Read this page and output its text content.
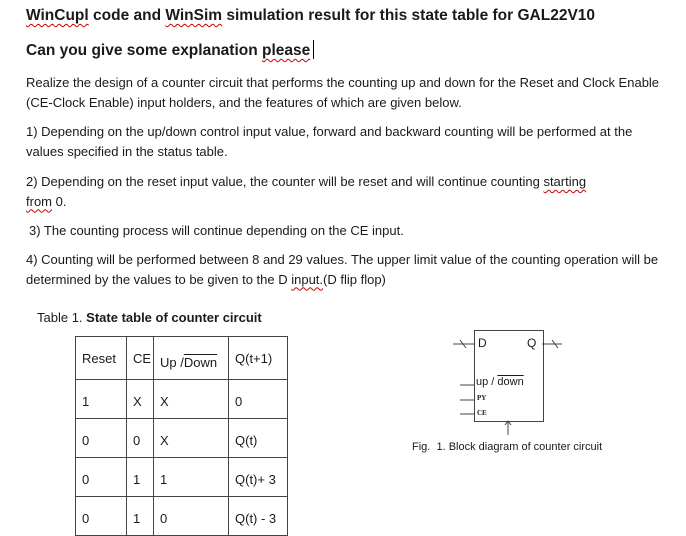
WinCupl code and WinSim simulation result for this state table for GAL22V10
Can you give some explanation please
Realize the design of a counter circuit that performs the counting up and down for the Reset and Clock Enable (CE-Clock Enable) input holders, and the features of which are given below.
1) Depending on the up/down control input value, forward and backward counting will be performed at the values specified in the status table.
2) Depending on the reset input value, the counter will be reset and will continue counting starting
from 0.
3) The counting process will continue depending on the CE input.
4) Counting will be performed between 8 and 29 values. The upper limit value of the counting operation will be determined by the values to be given to the D input.(D flip flop)
Table 1. State table of counter circuit
Reset	CE	Up /Down	Q(t+1)
1	X	X	0
0	0	X	Q(t)
0	1	1	Q(t)+ 3
0	1	0	Q(t) - 3
D	Q
up / down
PY
CE
Fig. 1. Block diagram of counter circuit
